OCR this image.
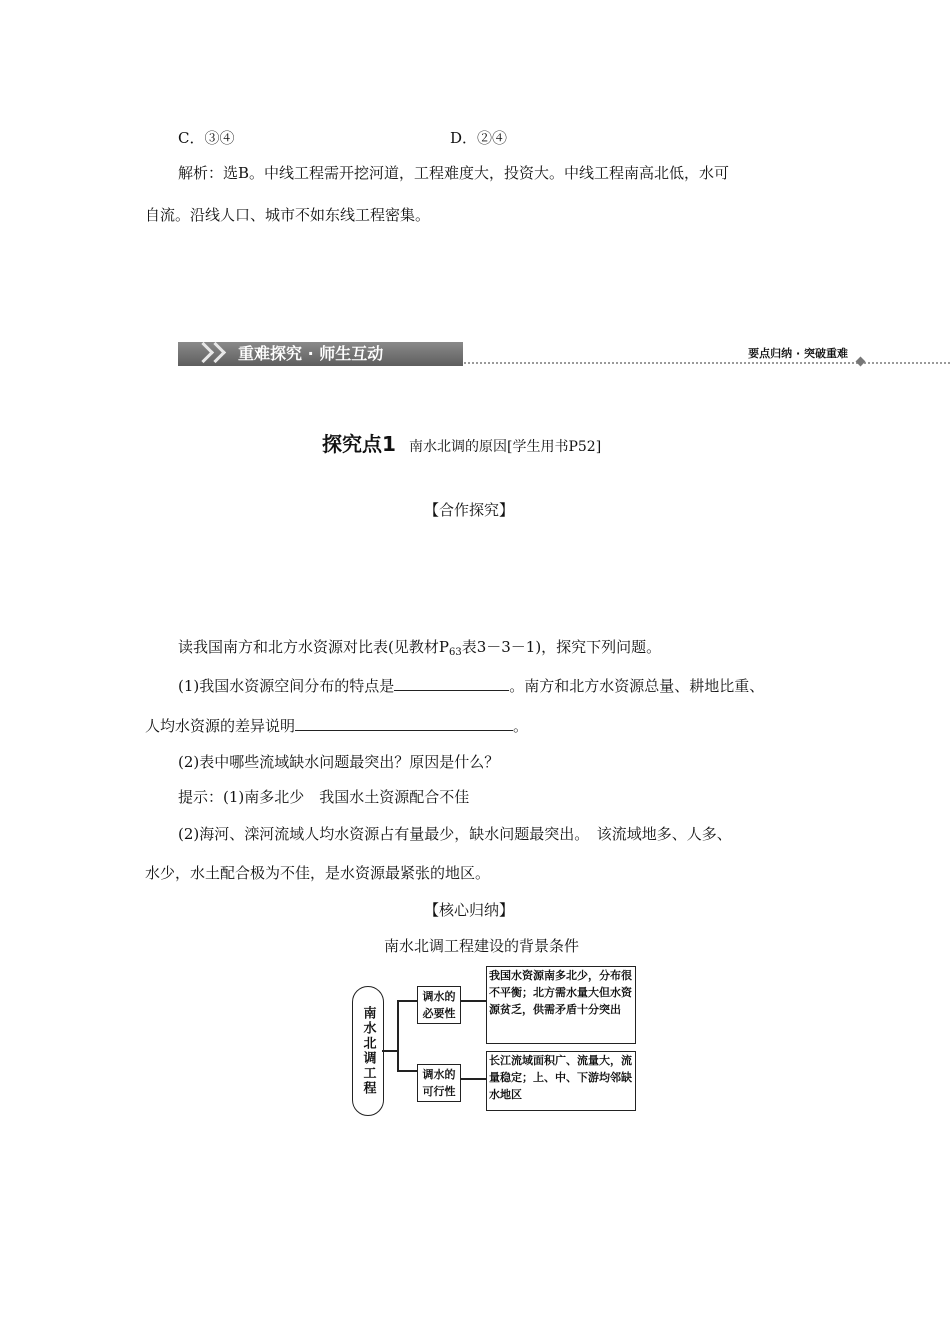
C．③④	D．②④
解析：选B。中线工程需开挖河道，工程难度大，投资大。中线工程南高北低，水可
自流。沿线人口、城市不如东线工程密集。
重难探究 · 师生互动	要点归纳 · 突破重难
探究点1 南水北调的原因[学生用书P52]
【合作探究】
读我国南方和北方水资源对比表(见教材$P_{63}$表3－3－1)，探究下列问题。
(1)我国水资源空间分布的特点是	。南方和北方水资源总量、耕地比重、
人均水资源的差异说明	。
(2)表中哪些流域缺水问题最突出？原因是什么？
提示：(1)南多北少　我国水土资源配合不佳
(2)海河、滦河流域人均水资源占有量最少，缺水问题最突出。　该流域地多、人多、
水少，水土配合极为不佳，是水资源最紧张的地区。
【核心归纳】
南水北调工程建设的背景条件
南水北调工程
调水的必要性
我国水资源南多北少，分布很不平衡；北方需水量大但水资源贫乏，供需矛盾十分突出
调水的可行性
长江流域面积广、流量大，流量稳定；上、中、下游均邻缺水地区
